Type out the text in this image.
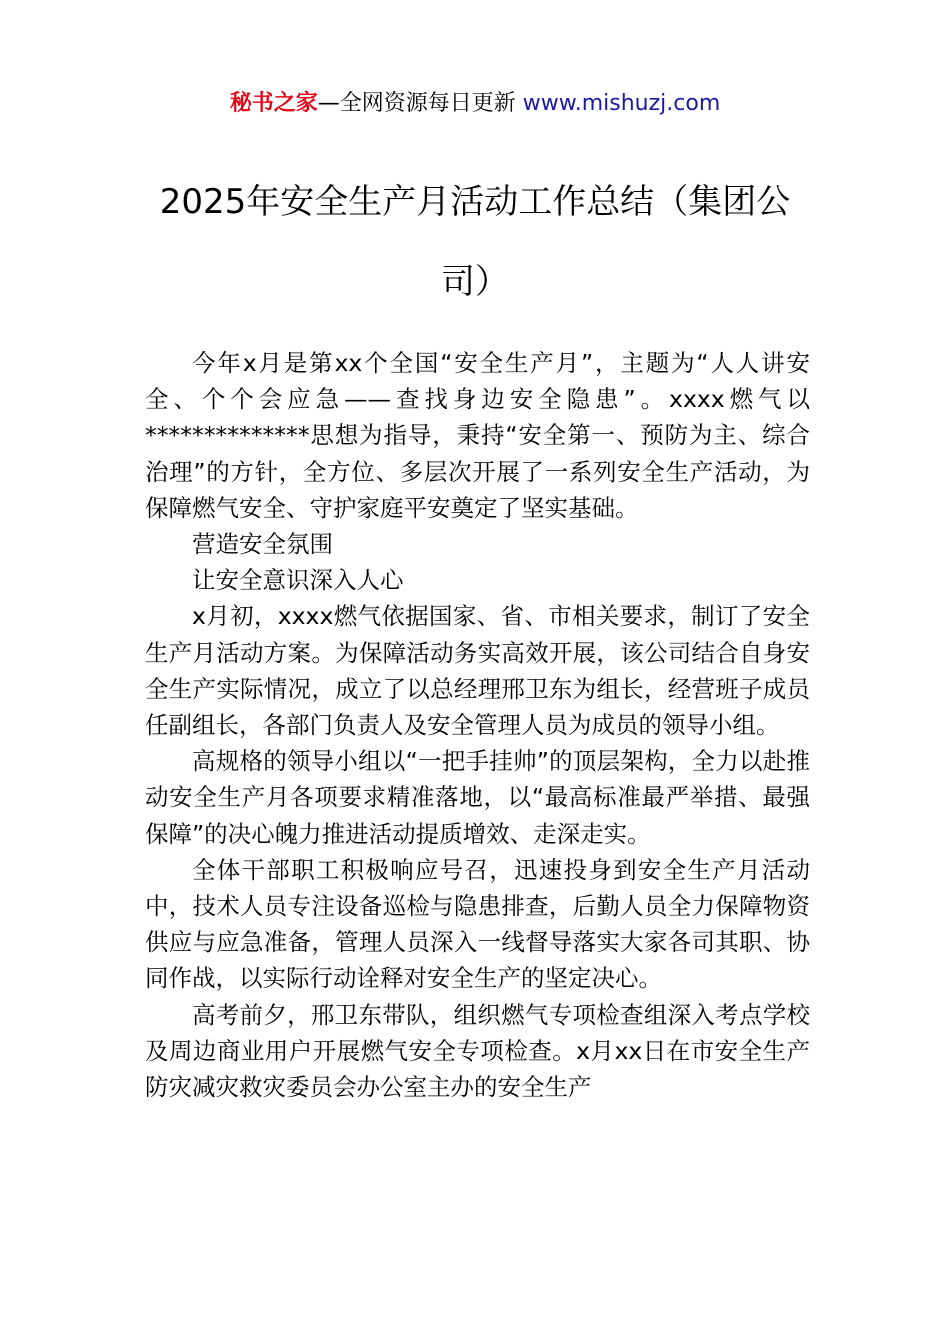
秘书之家—全网资源每日更新 www.mishuzj.com
2025年安全生产月活动工作总结（集团公司）

今年x月是第xx个全国“安全生产月”，主题为“人人讲安全、个个会应急——查找身边安全隐患”。xxxx燃气以**************思想为指导，秉持“安全第一、预防为主、综合治理”的方针，全方位、多层次开展了一系列安全生产活动，为保障燃气安全、守护家庭平安奠定了坚实基础。

营造安全氛围

让安全意识深入人心

x月初，xxxx燃气依据国家、省、市相关要求，制订了安全生产月活动方案。为保障活动务实高效开展，该公司结合自身安全生产实际情况，成立了以总经理邢卫东为组长，经营班子成员任副组长，各部门负责人及安全管理人员为成员的领导小组。

高规格的领导小组以“一把手挂帅”的顶层架构，全力以赴推动安全生产月各项要求精准落地，以“最高标准最严举措、最强保障”的决心魄力推进活动提质增效、走深走实。

全体干部职工积极响应号召，迅速投身到安全生产月活动中，技术人员专注设备巡检与隐患排查，后勤人员全力保障物资供应与应急准备，管理人员深入一线督导落实大家各司其职、协同作战，以实际行动诠释对安全生产的坚定决心。

高考前夕，邢卫东带队，组织燃气专项检查组深入考点学校及周边商业用户开展燃气安全专项检查。x月xx日在市安全生产防灾减灾救灾委员会办公室主办的安全生产
